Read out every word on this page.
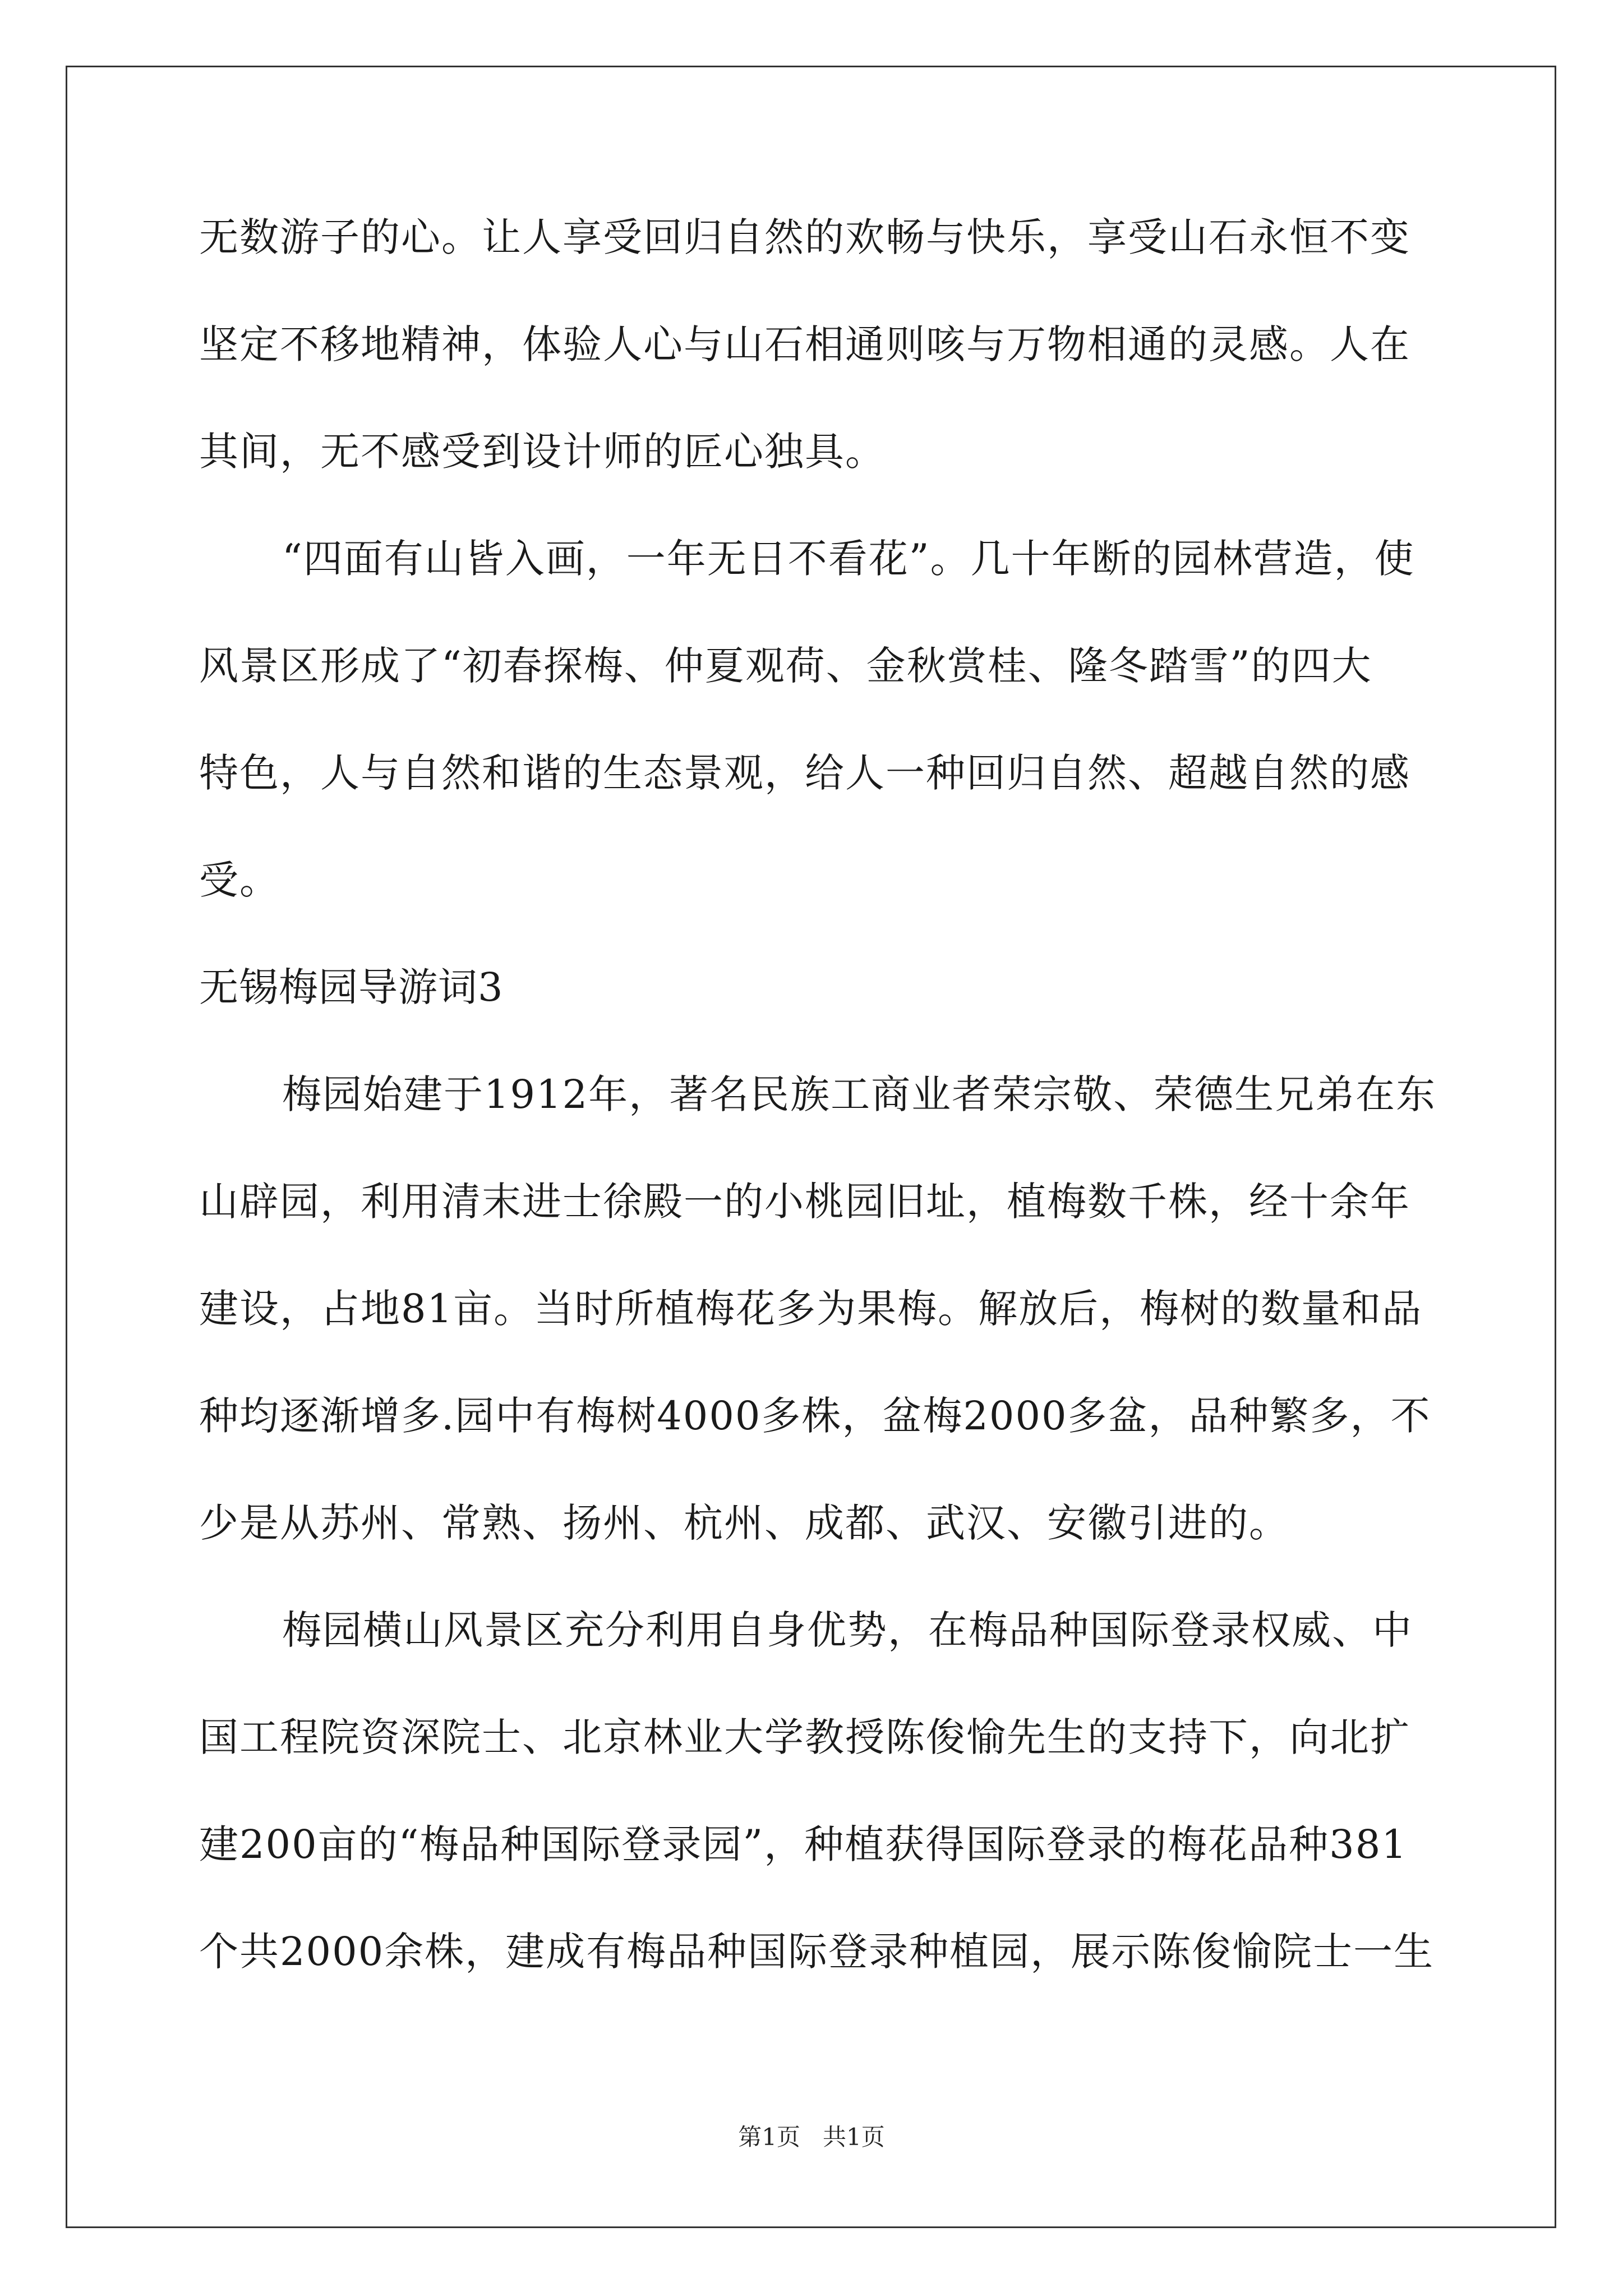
无数游子的心。让人享受回归自然的欢畅与快乐，享受山石永恒不变
坚定不移地精神，体验人心与山石相通则咳与万物相通的灵感。人在
其间，无不感受到设计师的匠心独具。
“四面有山皆入画，一年无日不看花”。几十年断的园林营造，使
风景区形成了“初春探梅、仲夏观荷、金秋赏桂、隆冬踏雪”的四大
特色，人与自然和谐的生态景观，给人一种回归自然、超越自然的感
受。
无锡梅园导游词3
梅园始建于1912年，著名民族工商业者荣宗敬、荣德生兄弟在东
山辟园，利用清末进士徐殿一的小桃园旧址，植梅数千株，经十余年
建设，占地81亩。当时所植梅花多为果梅。解放后，梅树的数量和品
种均逐渐增多.园中有梅树4000多株，盆梅2000多盆，品种繁多，不
少是从苏州、常熟、扬州、杭州、成都、武汉、安徽引进的。
梅园横山风景区充分利用自身优势，在梅品种国际登录权威、中
国工程院资深院士、北京林业大学教授陈俊愉先生的支持下，向北扩
建200亩的“梅品种国际登录园”，种植获得国际登录的梅花品种381
个共2000余株，建成有梅品种国际登录种植园，展示陈俊愉院士一生
第1页   共1页
